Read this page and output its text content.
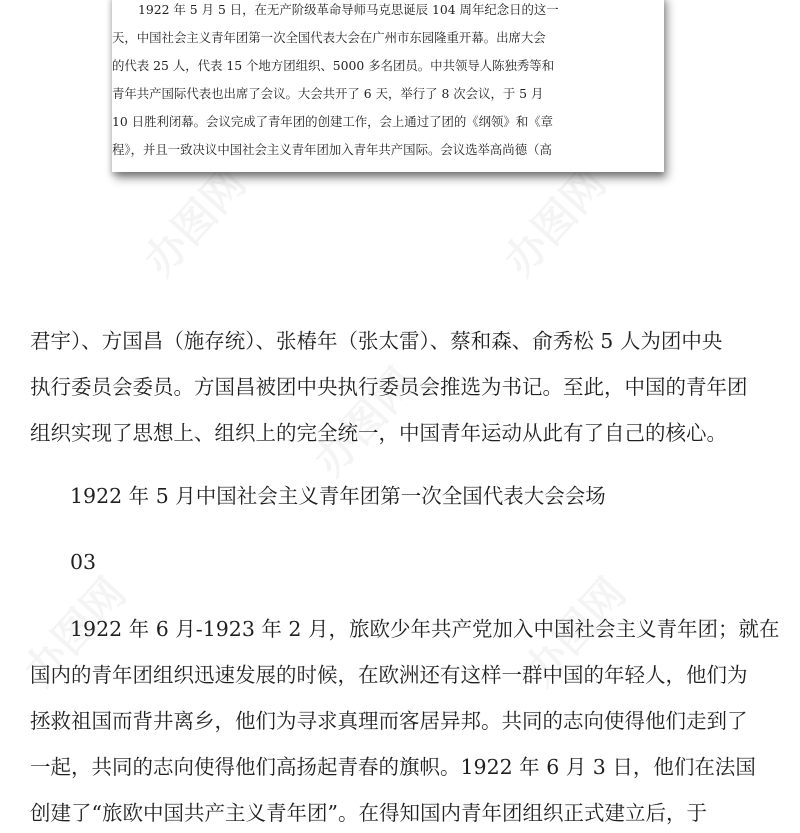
1922 年 5 月 5 日，在无产阶级革命导师马克思诞辰 104 周年纪念日的这一
天，中国社会主义青年团第一次全国代表大会在广州市东园隆重开幕。出席大会
的代表 25 人，代表 15 个地方团组织、5000 多名团员。中共领导人陈独秀等和
青年共产国际代表也出席了会议。大会共开了 6 天，举行了 8 次会议，于 5 月
10 日胜利闭幕。会议完成了青年团的创建工作，会上通过了团的《纲领》和《章
程》，并且一致决议中国社会主义青年团加入青年共产国际。会议选举高尚德（高
君宇）、方国昌（施存统）、张椿年（张太雷）、蔡和森、俞秀松 5 人为团中央
执行委员会委员。方国昌被团中央执行委员会推选为书记。至此，中国的青年团
组织实现了思想上、组织上的完全统一，中国青年运动从此有了自己的核心。
1922 年 5 月中国社会主义青年团第一次全国代表大会会场
03
1922 年 6 月-1923 年 2 月，旅欧少年共产党加入中国社会主义青年团；就在
国内的青年团组织迅速发展的时候，在欧洲还有这样一群中国的年轻人，他们为
拯救祖国而背井离乡，他们为寻求真理而客居异邦。共同的志向使得他们走到了
一起，共同的志向使得他们高扬起青春的旗帜。1922 年 6 月 3 日，他们在法国
创建了“旅欧中国共产主义青年团”。在得知国内青年团组织正式建立后，于
